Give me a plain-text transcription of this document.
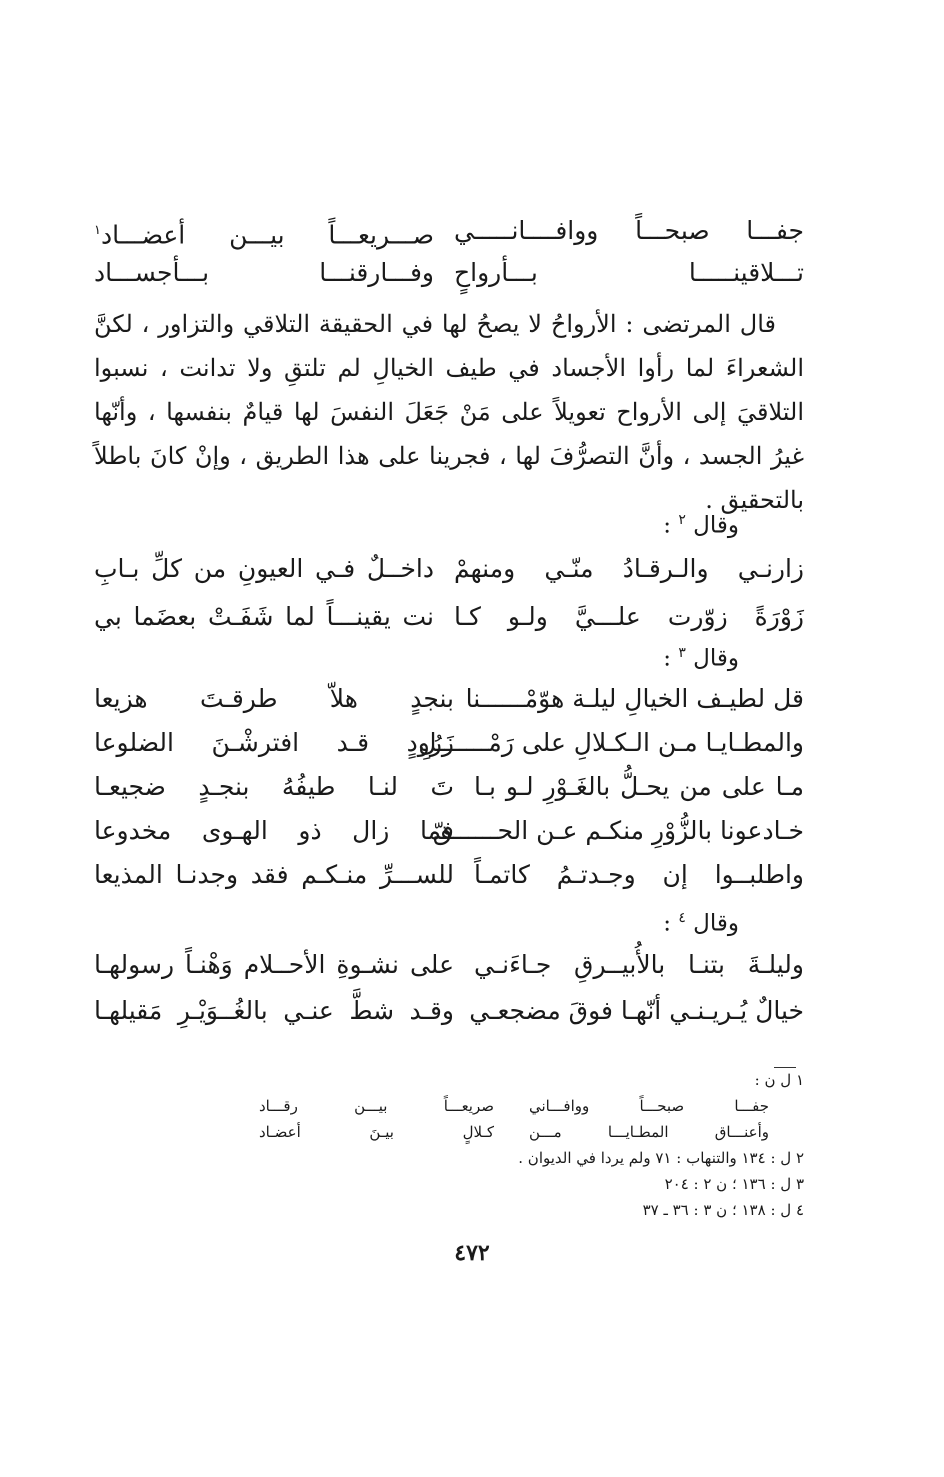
جفـــا صبحـــاً ووافــــانـــــي
صـــريعـــاً بيـــن أعضـــاد$^١$
تـــلاقينـــــا بـــأرواحٍ
وفـــارقنـــا بـــأجســـاد

قال المرتضى : الأرواحُ لا يصحُ لها في الحقيقة التلاقي والتزاور ، لكنَّ الشعراءَ لما رأوا الأجساد في طيف الخيالِ لم تلتقِ ولا تدانت ، نسبوا التلاقيَ إلى الأرواح تعويلاً على مَنْ جَعَلَ النفسَ لها قيامٌ بنفسها ، وأنّها غيرُ الجسد ، وأنَّ التصرُّفَ لها ، فجرينا على هذا الطريق ، وإنْ كانَ باطلاً بالتحقيق .

وقال $^٢$ :
زارنـي والـرقـادُ منّـي ومنهمْ
داخــلٌ فـي العيونِ من كلِّ بـابِ
زَوْرَةً زوّرت علـــيَّ ولـو كـا
نت يقينـــاً لما شَفَـتْ بعضَما بي
وقال $^٣$ :
قل لطيـف الخيالِ ليلـة هوّمْــــــنا
بنجدٍ هلاّ طرقـتَ هزيعا
والمطـايـا مـن الـكـلالِ على رَمْـــــــلِ
زَرُودٍ قـد افترشْـنَ الضلوعا
مـا على من يحـلُّ بالغَـوْرِ لـو بـا
تَ لنـا طيفُهُ بنجـدٍ ضجيعـا
خـادعونا بالزُّوْرِ منكـم عـن الحــــــقّ
فما زال ذو الهـوى مخدوعا
واطلبــوا إن وجـدتـمُ كاتمـاً
للســـرِّ منـكـم فقد وجدنـا المذيعا
وقال $^٤$ :
وليلـةَ بتنـا بالأُبيــرقِ جـاءَنـي
على نشـوةِ الأحــلام وَهْنـاً رسولهـا
خيالٌ يُـريـنـي أنّهـا فوقَ مضجعـي
وقـد شطَّ عنـي بالغُــوَيْـرِ مَقيلهـا
١ ل ن :
جفـــا صبحـــاً ووافـــاني
صريعـــاً بيـــن رقـــاد
وأعنـــاق المطـايـــا مـــن
كـلالٍ بيـنَ أعضـاد
٢ ل : ١٣٤ والتنهاب : ٧١ ولم يردا في الديوان .
٣ ل : ١٣٦ ؛ ن ٢ : ٢٠٤
٤ ل : ١٣٨ ؛ ن ٣ : ٣٦ ـ ٣٧
٤٧٢
